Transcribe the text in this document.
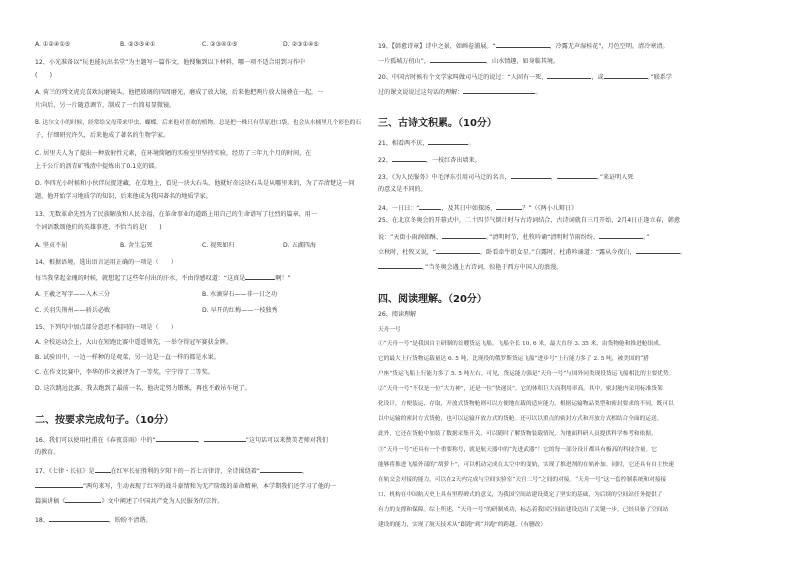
A. ①②④①⑤	B. ②③⑤④①	C. ②③④①⑤	D. ②③①④⑤
12、小光准备以“玩也能玩出名堂”为主题写一篇作文，他搜集到以下材料，哪一项不适合用到习作中
(　　)
A. 荷兰的列文虎克喜欢玩磨镜头，他把玻璃的四周磨光，磨成了放大镜，后来他把两片放大镜叠在一起，一
片向后，另一片随意调节，制成了一台简易显微镜。
B. 达尔文小的时候，经常给父母带来甲虫、蝴蝶。后来他对喜欢的植物，总是把一株只有草原进口袋，也会从水桶里几个彩色的石
子，仔细研究许久，后来他成了著名的生物学家。
C. 居里夫人为了提出一种放射性元素，在环境简陋的实验室里坚持实验，经历了三年九个月的时间，在
上千公斤的沥青矿残渣中提炼出了0.1克的镭。
D. 李四光小时候和小伙伴玩捉迷藏，在草地上，看见一块大石头，他就好奇这块石头是从哪里来的，为了弄清楚这一问
题，他开始学习地质学的知识，后来他成为我国著名的地质学家。
13、无数革命先烈为了民族解放和人民幸福，在革命事业的道路上用自己的生命谱写了壮烈的篇章，用一
个词语歌颂他们的英雄事迹，不恰当的是(　　)
A. 坚贞不屈	B. 舍生忘死	C. 视死如归	D. 五湖四海
14、根据语境，选出语言运用正确的一项是（　　）
每当我拿起金瑰的时候，就想起了这些年付出的汗水，不由得感叹道：“这真是	啊！”
A. 王羲之写字——入木三分	B. 水滴穿石——非一日之功
C. 关羽失荆州——骄兵必败	D. 早开的红梅——一枝独秀
15、下列句中加点部分意思不相同的一项是（　　）
A. 全校运动会上，大山在短跑比赛中遥遥领先，一举夺得冠军赛获金牌。
B. 试验田中，一边一样种的是观菜，另一边是一直一样的都是水果。
C. 在作文比赛中，李华的作文被评为了一等奖，宁宁得了二等奖。
D. 这次跳远比赛，我去跑到了最前一名，他决定努力锻炼，再也不敢吊车尾了。
二、按要求完成句子。（10分）
16、我们可以使用杜甫在《春夜喜雨》中的“	，	”这句话可以来赞美老师对我们
的教育。
17、《七律・长征》是	在红军长征胜利的夕阳下的一首七言律诗，全诗围绕着“	，
”两句来写，生动表现了红军的战斗豪情和为无产阶级的革命精神，本学期我们还学习了他的一
篇演讲稿《	》文中阐述了中国共产党为人民服务的宗旨。
18、	，盼盼不清谐。
19、【韩愈诗章】诗中之景，如画卷浦展。“	，冷露无声湿桂花”，月色空明，清冷寒清。
一片孤城万仞山”，	，山水情趣，如身临其境。
20、中国古时候有个文学家叫做司马迁的说过：“人固有一死，	，或	。”联系学
过的课文说说过这句话的理解：	。
三、古诗文积累。（10分）
21、相看两不厌，	。
22、	，一枝红杏出墙来。
23、《为人民服务》中毛泽东引用司马迁的名言，	，	。”来证明人死
的意义是不同的。
24、一日曰：“	，及其日中如探汤，	？”（《两小儿辩日》
25、在北京冬奥会的开幕式中，二十四节气倒计时与古诗词结合，古诗词就自三月开始，2月4日正逢立春，韩愈
说：“天街小雨润如酥，	。”清明时节，杜牧吟诵“清明时节雨纷纷，	。”
立秋时，杜牧又说，“	，卧看牵牛织女星。”白露时，杜甫吟诵道：“露从今夜白，	。
。”当冬奥会遇上古诗词，惊艳于西方中国人的浪漫。
四、阅读理解。（20分）
26、阅读理解
天舟一号
①“天舟一号”是我国自主研制的首艘货运飞船。飞船全长 10. 6 米，最大直径 3. 35 米，由货物舱和推进舱组成。
它的最大上行货物运载量达 6. 5 吨，比现役的俄罗斯货运飞船“进步号”上行能力多了 2. 5 吨，被美国的“猎
户座”货运飞船上行能力多了 5. 5 吨左右。可见，货运能力强是“天舟一号”与国外同类现役货运飞船相比的主要优势。
②“天舟一号”不仅是一位“大力神”，还是一位“快递员”。它的体积巨大而利用率高。其中，密封舱内采用标准货架
化设计，方便装运、存取，开放式货物舱则可以方便地在载的适应能力。根据运输物品类型和密封要求的不同，既可以
以中运输的密封方式货舱，也可以运输开放方式的货舱。还可以以重点的密封方式和开放方式相结合全面的运送。
此外，它还在货舱中加装了数据采集开关，可以随时了解货物装载情况，为地面科研人员提供科学参考和依据。
③“天舟一号”还具有一个重要称号，就是航天器中的“先进武器”！它的每一部分设计都具有极高的科技含量。它
能够将推进飞船外部的“胡萝卜”，可以机动完成在太空中的变轨，实现了推进剂的在轨补加。同时，它还具有自主快速
在轨交会对接的能力，可以在2天内完成与空间实验室“天宫二号”之间的对接。“天舟一号”这一套控制系统和对接接
口、机构在中国航天史上具有里程碑式的意义，为我国空间站建设奠定了坚实的基础，为后续的空间站任务提供了
有力的支撑和保障。综上所述，“天舟一号”的研制成功，标志着我国空间站建设迈出了关键一步，已经具备了空间站
建设的能力，实现了航天技术从“跟跑”到“并跑”的跨越。（有删改）
